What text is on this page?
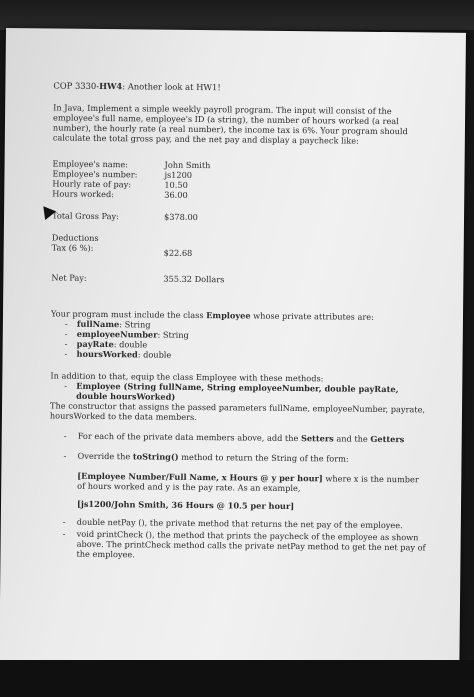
COP 3330-HW4: Another look at HW1!
In Java, Implement a simple weekly payroll program. The input will consist of the employee's full name, employee's ID (a string), the number of hours worked (a real number), the hourly rate (a real number), the income tax is 6%. Your program should calculate the total gross pay, and the net pay and display a paycheck like:
Employee's name:	John Smith
Employee's number:	js1200
Hourly rate of pay:	10.50
Hours worked:	36.00
Total Gross Pay:	$378.00
Deductions
Tax (6 %):	$22.68
Net Pay:	355.32 Dollars
Your program must include the class Employee whose private attributes are:
- fullName: String
- employeeNumber: String
- payRate: double
- hoursWorked: double
In addition to that, equip the class Employee with these methods:
- Employee (String fullName, String employeeNumber, double payRate, double hoursWorked)
The constructor that assigns the passed parameters fullName, employeeNumber, payrate, hoursWorked to the data members.
- For each of the private data members above, add the Setters and the Getters
- Override the toString() method to return the String of the form:
[Employee Number/Full Name, x Hours @ y per hour] where x is the number of hours worked and y is the pay rate. As an example,
[js1200/John Smith, 36 Hours @ 10.5 per hour]
- double netPay (), the private method that returns the net pay of the employee.
- void printCheck (), the method that prints the paycheck of the employee as shown above. The printCheck method calls the private netPay method to get the net pay of the employee.
